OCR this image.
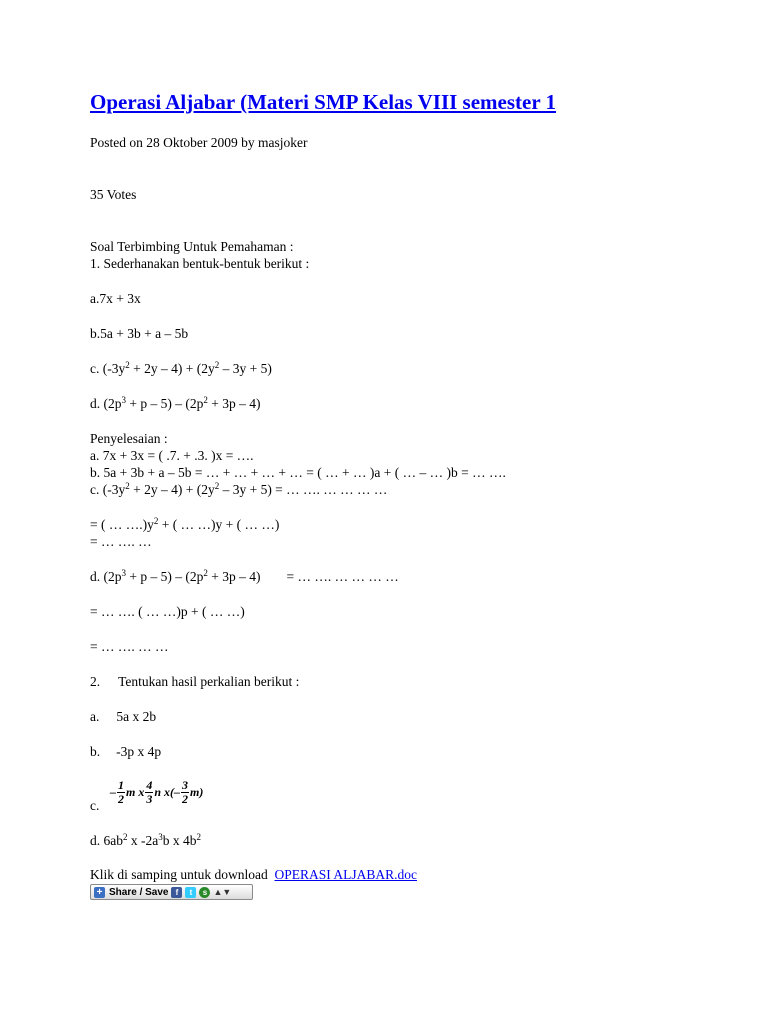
Operasi Aljabar (Materi SMP Kelas VIII semester 1
Posted on 28 Oktober 2009 by masjoker
35 Votes
Soal Terbimbing Untuk Pemahaman :
1. Sederhanakan bentuk-bentuk berikut :
a.7x + 3x
b.5a + 3b + a – 5b
c. $(-3y^2 + 2y - 4) + (2y^2 - 3y + 5)$
d. $(2p^3 + p - 5) - (2p^2 + 3p - 4)$
Penyelesaian :
a. 7x + 3x = ( .7. + .3. )x = ….
b. 5a + 3b + a – 5b = … + … + … + … = ( … + … )a + ( … – … )b = … ….
c. $(-3y^2 + 2y - 4) + (2y^2 - 3y + 5)$ = … …. … … … …
= ( … $\dots.)y^2$ + ( … …)y + ( … …)
= … …. …
d. $(2p^3 + p - 5) - (2p^2 + 3p - 4)$ = … …. … … … …
= … …. ( … …)p + ( … …)
= … …. … …
2. Tentukan hasil perkalian berikut :
a. 5a x 2b
b. -3p x 4p
– $\frac{1}{2}$ m x $\frac{4}{3}$ n $x(- \frac{3}{2} m)$
c.
d. $6ab^2$ x $-2a^3b$ x $4b^2$
Klik di samping untuk download OPERASI ALJABAR.doc
+ Share / Save f	t	s ▲▼
